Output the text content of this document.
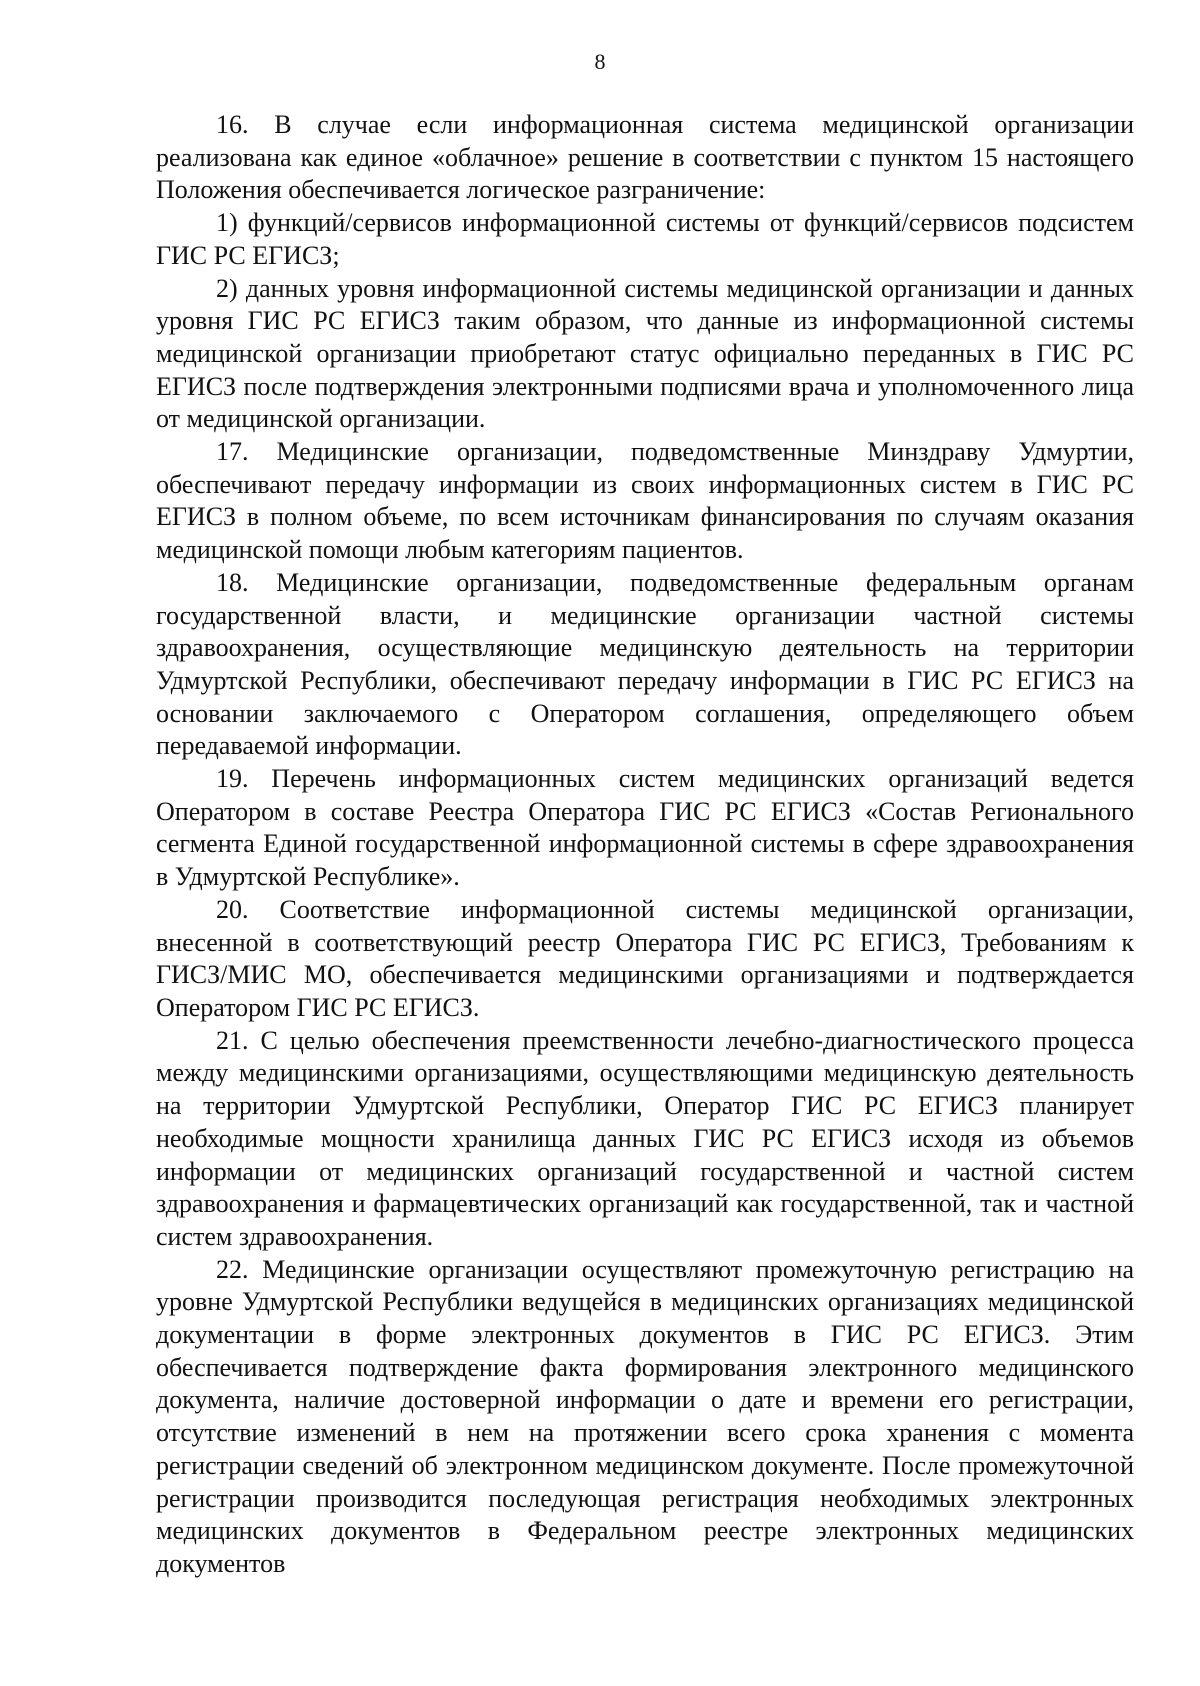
8

16. В случае если информационная система медицинской организации реализована как единое «облачное» решение в соответствии с пунктом 15 настоящего Положения обеспечивается логическое разграничение:

1) функций/сервисов информационной системы от функций/сервисов подсистем ГИС РС ЕГИСЗ;

2) данных уровня информационной системы медицинской организации и данных уровня ГИС РС ЕГИСЗ таким образом, что данные из информационной системы медицинской организации приобретают статус официально переданных в ГИС РС ЕГИСЗ после подтверждения электронными подписями врача и уполномоченного лица от медицинской организации.

17. Медицинские организации, подведомственные Минздраву Удмуртии, обеспечивают передачу информации из своих информационных систем в ГИС РС ЕГИСЗ в полном объеме, по всем источникам финансирования по случаям оказания медицинской помощи любым категориям пациентов.

18. Медицинские организации, подведомственные федеральным органам государственной власти, и медицинские организации частной системы здравоохранения, осуществляющие медицинскую деятельность на территории Удмуртской Республики, обеспечивают передачу информации в ГИС РС ЕГИСЗ на основании заключаемого с Оператором соглашения, определяющего объем передаваемой информации.

19. Перечень информационных систем медицинских организаций ведется Оператором в составе Реестра Оператора ГИС РС ЕГИСЗ «Состав Регионального сегмента Единой государственной информационной системы в сфере здравоохранения в Удмуртской Республике».

20. Соответствие информационной системы медицинской организации, внесенной в соответствующий реестр Оператора ГИС РС ЕГИСЗ, Требованиям к ГИСЗ/МИС МО, обеспечивается медицинскими организациями и подтверждается Оператором ГИС РС ЕГИСЗ.

21. С целью обеспечения преемственности лечебно-диагностического процесса между медицинскими организациями, осуществляющими медицинскую деятельность на территории Удмуртской Республики, Оператор ГИС РС ЕГИСЗ планирует необходимые мощности хранилища данных ГИС РС ЕГИСЗ исходя из объемов информации от медицинских организаций государственной и частной систем здравоохранения и фармацевтических организаций как государственной, так и частной систем здравоохранения.

22. Медицинские организации осуществляют промежуточную регистрацию на уровне Удмуртской Республики ведущейся в медицинских организациях медицинской документации в форме электронных документов в ГИС РС ЕГИСЗ. Этим обеспечивается подтверждение факта формирования электронного медицинского документа, наличие достоверной информации о дате и времени его регистрации, отсутствие изменений в нем на протяжении всего срока хранения с момента регистрации сведений об электронном медицинском документе. После промежуточной регистрации производится последующая регистрация необходимых электронных медицинских документов в Федеральном реестре электронных медицинских документов
